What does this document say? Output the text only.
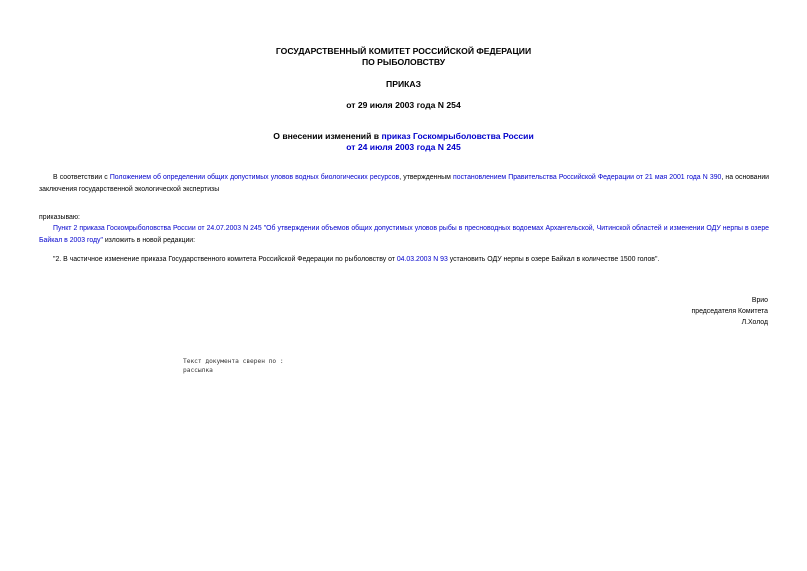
ГОСУДАРСТВЕННЫЙ КОМИТЕТ РОССИЙСКОЙ ФЕДЕРАЦИИ
ПО РЫБОЛОВСТВУ
ПРИКАЗ
от 29 июля 2003 года N 254
О внесении изменений в приказ Госкомрыболовства России
от 24 июля 2003 года N 245
В соответствии с Положением об определении общих допустимых уловов водных биологических ресурсов, утвержденным постановлением Правительства Российской Федерации от 21 мая 2001 года N 390, на основании заключения государственной экологической экспертизы
приказываю:
Пункт 2 приказа Госкомрыболовства России от 24.07.2003 N 245 "Об утверждении объемов общих допустимых уловов рыбы в пресноводных водоемах Архангельской, Читинской областей и изменении ОДУ нерпы в озере Байкал в 2003 году" изложить в новой редакции:
"2. В частичное изменение приказа Государственного комитета Российской Федерации по рыболовству от 04.03.2003 N 93 установить ОДУ нерпы в озере Байкал в количестве 1500 голов".
Врио
председателя Комитета
Л.Холод
Текст документа сверен по :
рассылка
